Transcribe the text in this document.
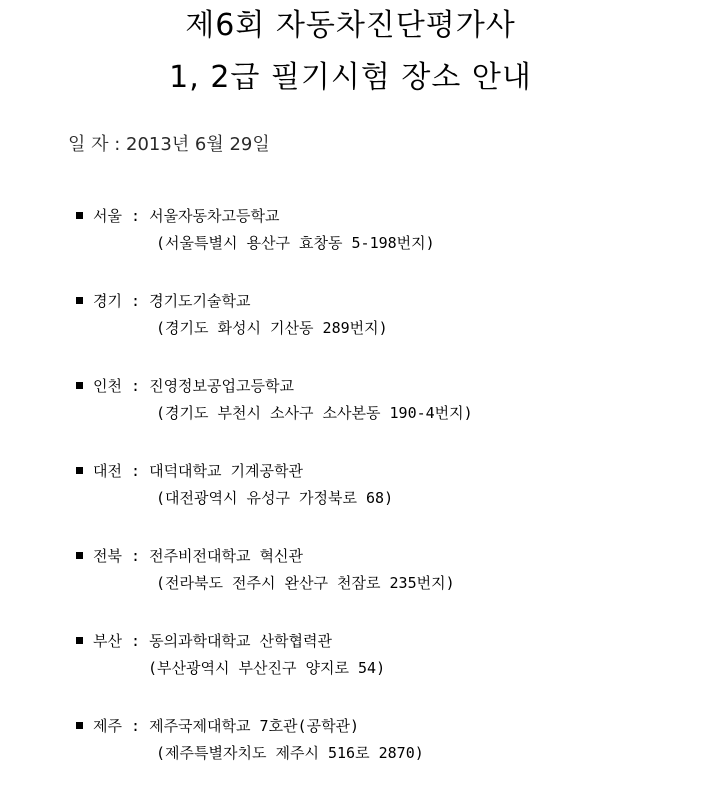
제6회 자동차진단평가사
1, 2급 필기시험 장소 안내
일 자 : 2013년 6월 29일
서울 : 서울자동차고등학교
(서울특별시 용산구 효창동 5-198번지)
경기 : 경기도기술학교
(경기도 화성시 기산동 289번지)
인천 : 진영정보공업고등학교
(경기도 부천시 소사구 소사본동 190-4번지)
대전 : 대덕대학교 기계공학관
(대전광역시 유성구 가정북로 68)
전북 : 전주비전대학교 혁신관
(전라북도 전주시 완산구 천잠로 235번지)
부산 : 동의과학대학교 산학협력관
(부산광역시 부산진구 양지로 54)
제주 : 제주국제대학교 7호관(공학관)
(제주특별자치도 제주시 516로 2870)
